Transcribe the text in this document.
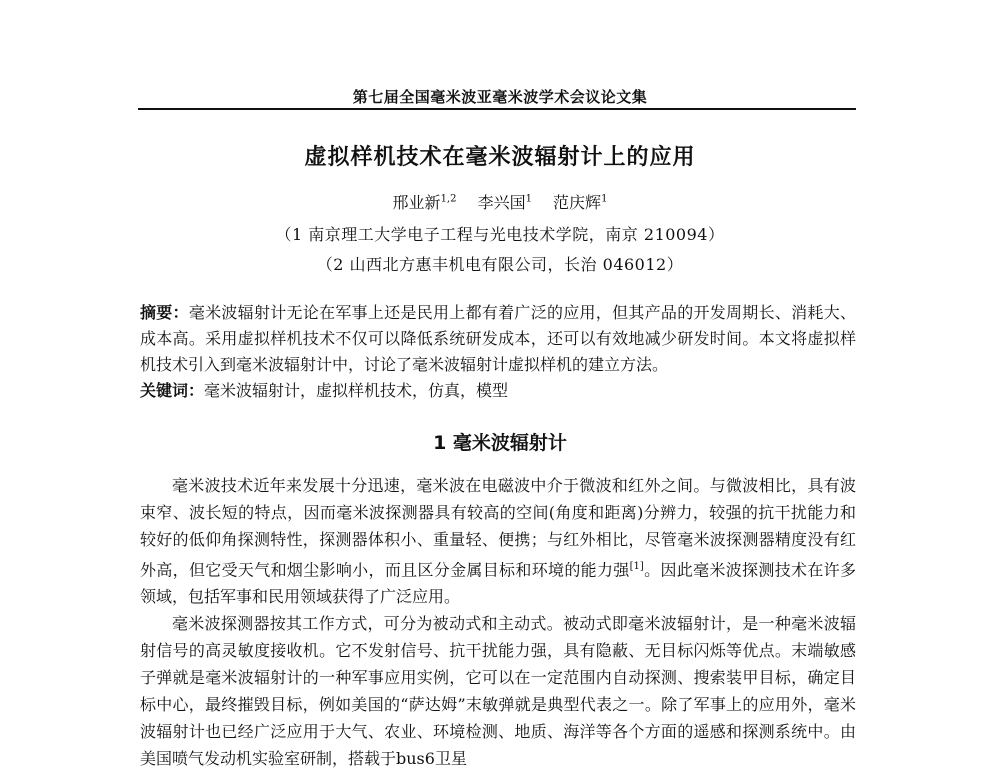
第七届全国毫米波亚毫米波学术会议论文集
虚拟样机技术在毫米波辐射计上的应用
邢业新$^{1,2}$ 李兴国$^1$ 范庆辉$^1$
（1 南京理工大学电子工程与光电技术学院，南京 210094）
（2 山西北方惠丰机电有限公司，长治 046012）
摘要：毫米波辐射计无论在军事上还是民用上都有着广泛的应用，但其产品的开发周期长、消耗大、成本高。采用虚拟样机技术不仅可以降低系统研发成本，还可以有效地减少研发时间。本文将虚拟样机技术引入到毫米波辐射计中，讨论了毫米波辐射计虚拟样机的建立方法。
关键词：毫米波辐射计，虚拟样机技术，仿真，模型
1 毫米波辐射计

毫米波技术近年来发展十分迅速，毫米波在电磁波中介于微波和红外之间。与微波相比，具有波束窄、波长短的特点，因而毫米波探测器具有较高的空间(角度和距离)分辨力，较强的抗干扰能力和较好的低仰角探测特性，探测器体积小、重量轻、便携；与红外相比，尽管毫米波探测器精度没有红外高，但它受天气和烟尘影响小，而且区分金属目标和环境的能力强[1]。因此毫米波探测技术在许多领域，包括军事和民用领域获得了广泛应用。

毫米波探测器按其工作方式，可分为被动式和主动式。被动式即毫米波辐射计，是一种毫米波辐射信号的高灵敏度接收机。它不发射信号、抗干扰能力强，具有隐蔽、无目标闪烁等优点。末端敏感子弹就是毫米波辐射计的一种军事应用实例，它可以在一定范围内自动探测、搜索装甲目标，确定目标中心，最终摧毁目标，例如美国的“萨达姆”末敏弹就是典型代表之一。除了军事上的应用外，毫米波辐射计也已经广泛应用于大气、农业、环境检测、地质、海洋等各个方面的遥感和探测系统中。由美国喷气发动机实验室研制，搭载于bus6卫星
